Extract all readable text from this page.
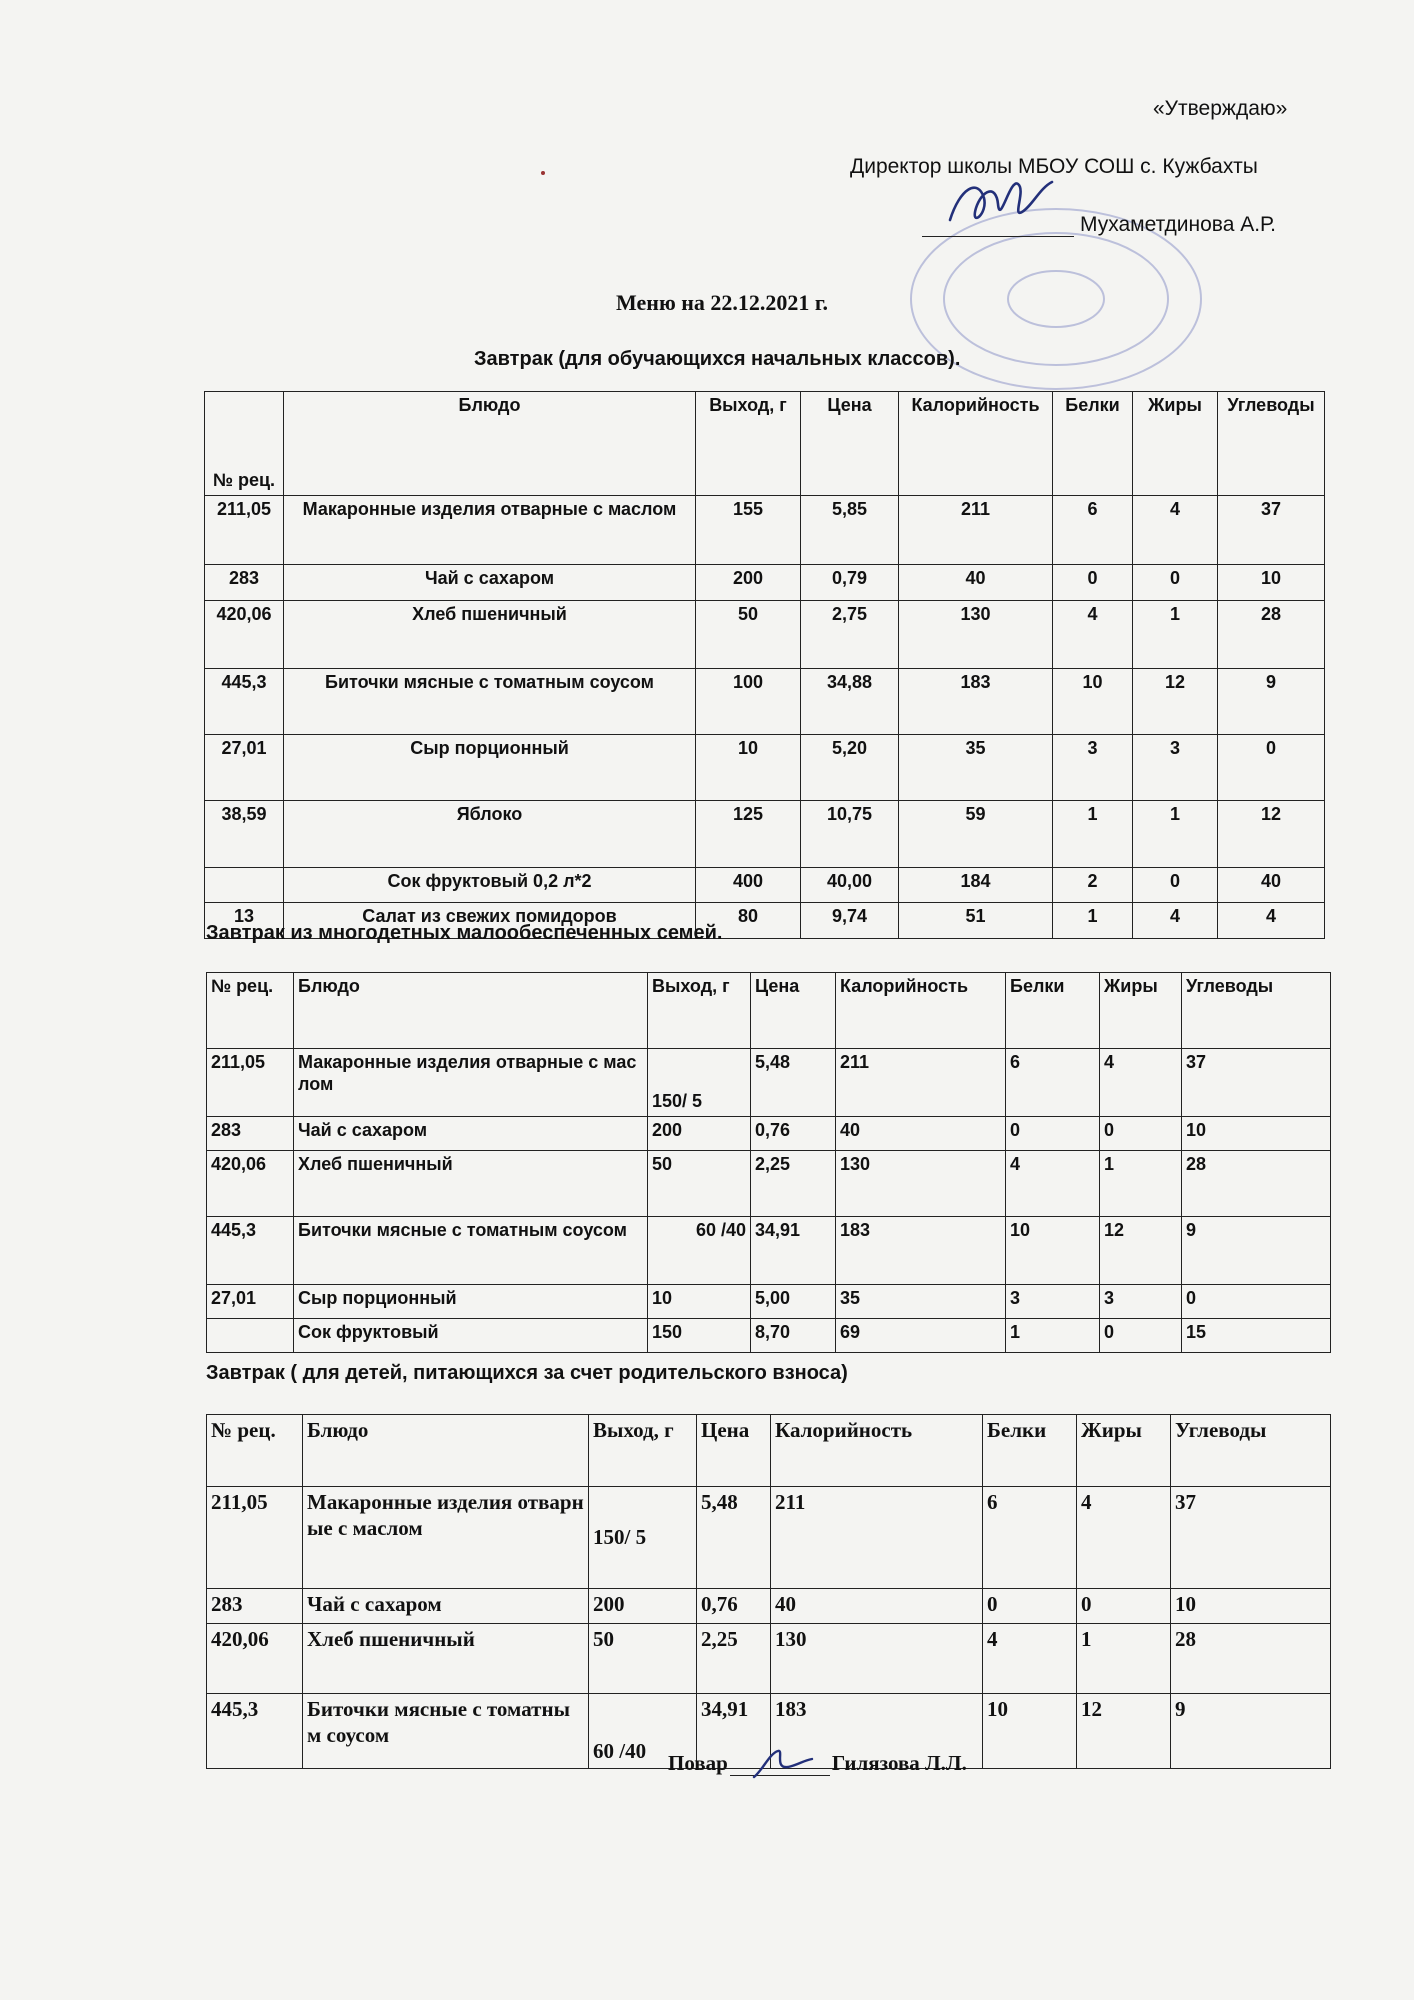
«Утверждаю»
Директор школы МБОУ СОШ с. Кужбахты
Мухаметдинова А.Р.
Меню на 22.12.2021 г.
Завтрак (для обучающихся начальных классов).
№ рец.	Блюдо	Выход, г	Цена	Калорийность	Белки	Жиры	Углеводы
211,05	Макаронные изделия отварные с маслом	155	5,85	211	6	4	37
283	Чай с сахаром	200	0,79	40	0	0	10
420,06	Хлеб пшеничный	50	2,75	130	4	1	28
445,3	Биточки мясные с томатным соусом	100	34,88	183	10	12	9
27,01	Сыр порционный	10	5,20	35	3	3	0
38,59	Яблоко	125	10,75	59	1	1	12
	Сок фруктовый 0,2 л*2	400	40,00	184	2	0	40
13	Салат из свежих помидоров	80	9,74	51	1	4	4
Завтрак из многодетных малообеспеченных семей.
№ рец.	Блюдо	Выход, г	Цена	Калорийность	Белки	Жиры	Углеводы
211,05	Макаронные изделия отварные с маслом	150/ 5	5,48	211	6	4	37
283	Чай с сахаром	200	0,76	40	0	0	10
420,06	Хлеб пшеничный	50	2,25	130	4	1	28
445,3	Биточки мясные с томатным соусом	60 /40	34,91	183	10	12	9
27,01	Сыр порционный	10	5,00	35	3	3	0
	Сок фруктовый	150	8,70	69	1	0	15
Завтрак ( для детей, питающихся за счет родительского взноса)
№ рец.	Блюдо	Выход, г	Цена	Калорийность	Белки	Жиры	Углеводы
211,05	Макаронные изделия отварные с маслом	150/ 5	5,48	211	6	4	37
283	Чай с сахаром	200	0,76	40	0	0	10
420,06	Хлеб пшеничный	50	2,25	130	4	1	28
445,3	Биточки мясные с томатным соусом	60 /40	34,91	183	10	12	9
Повар	Гилязова Л.Л.
